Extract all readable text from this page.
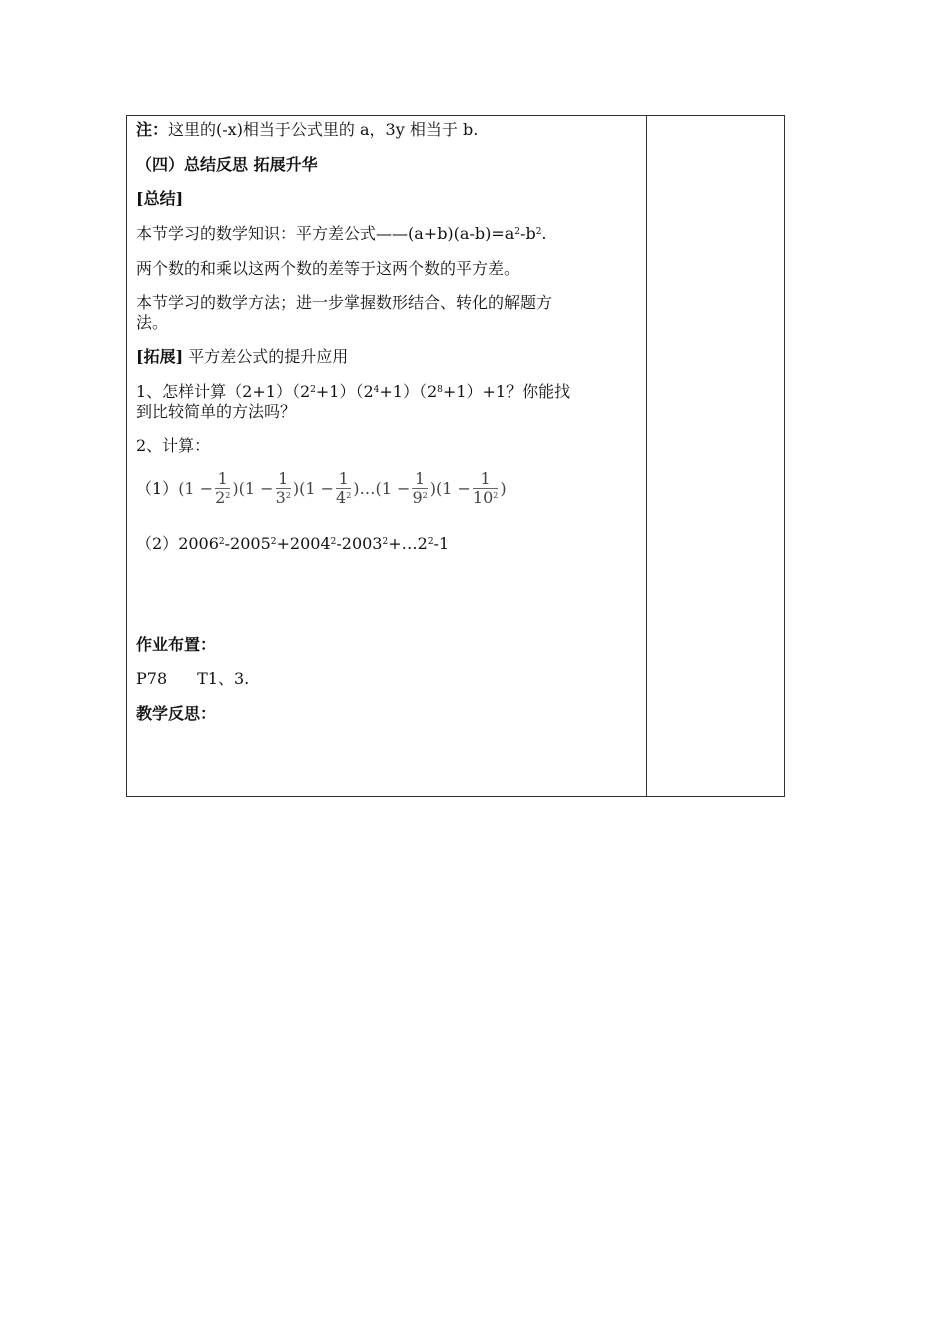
注：这里的(-x)相当于公式里的 a，3y 相当于 b.
（四）总结反思 拓展升华
[总结]
本节学习的数学知识：平方差公式$——(a+b)(a-b)=a^2-b^2$.
两个数的和乘以这两个数的差等于这两个数的平方差。
本节学习的数学方法；进一步掌握数形结合、转化的解题方
法。
[拓展] 平方差公式的提升应用
1、怎样计算$(2+1)(2^2+1)(2^4+1)(2^8+1)+1$？你能找
到比较简单的方法吗？
2、计算：
（1） ($1 - \frac{1}{2^2}$ ) ($1 - \frac{1}{3^2}$ ) ($1 - \frac{1}{4^2}$ )… ($1 - \frac{1}{9^2}$ ) ($1 - \frac{1}{10^2}$ )
$(2)2006^2-2005^2+2004^2-2003^2+\dots 2^2-1$
作业布置：
P78 T1、3.
教学反思：
